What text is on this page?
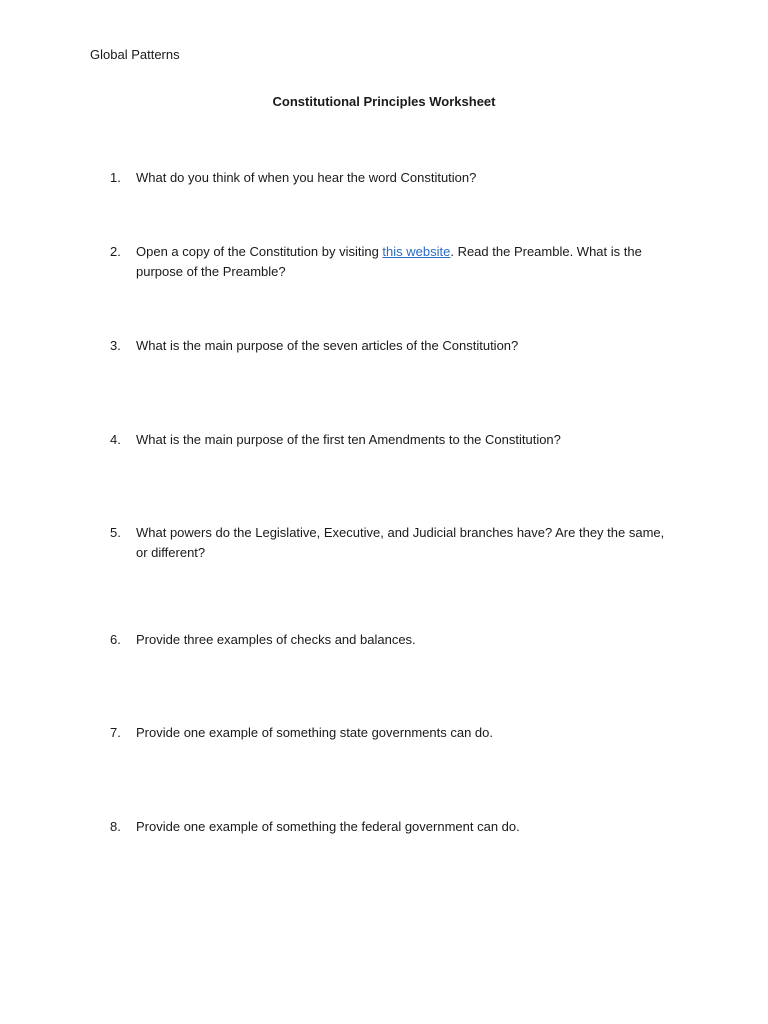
Global Patterns
Constitutional Principles Worksheet
1.	What do you think of when you hear the word Constitution?
2.	Open a copy of the Constitution by visiting this website. Read the Preamble. What is the purpose of the Preamble?
3.	What is the main purpose of the seven articles of the Constitution?
4.	What is the main purpose of the first ten Amendments to the Constitution?
5.	What powers do the Legislative, Executive, and Judicial branches have? Are they the same, or different?
6.	Provide three examples of checks and balances.
7.	Provide one example of something state governments can do.
8.	Provide one example of something the federal government can do.
